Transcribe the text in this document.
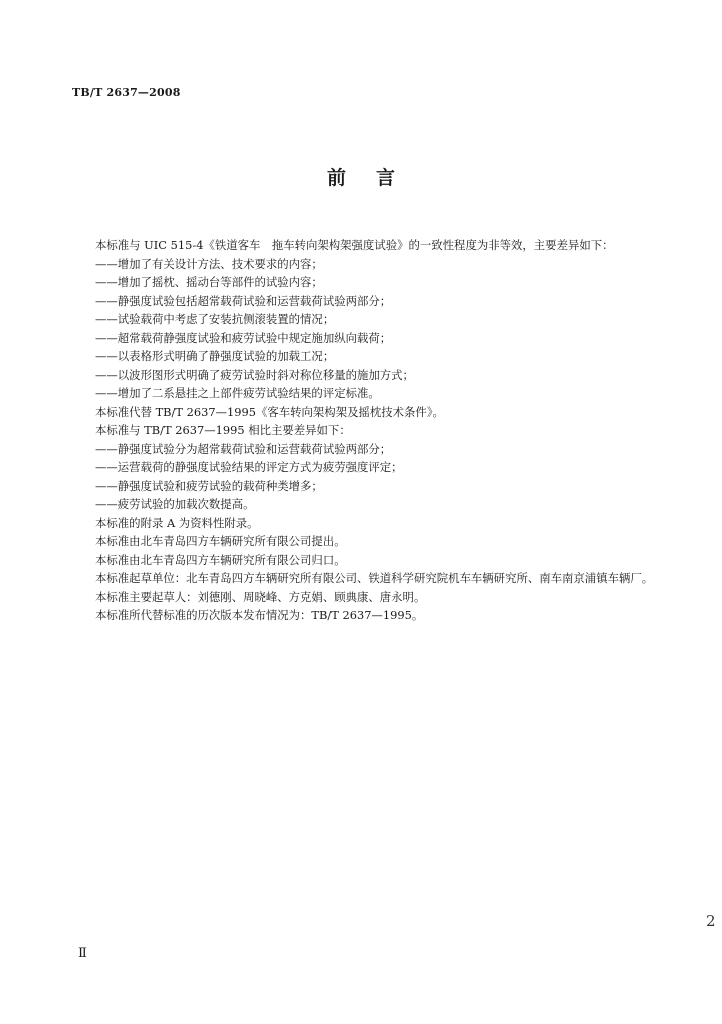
TB/T 2637—2008
前言

本标准与 UIC 515-4《铁道客车　拖车转向架构架强度试验》的一致性程度为非等效，主要差异如下：

——增加了有关设计方法、技术要求的内容；

——增加了摇枕、摇动台等部件的试验内容；

——静强度试验包括超常载荷试验和运营载荷试验两部分；

——试验载荷中考虑了安装抗侧滚装置的情况；

——超常载荷静强度试验和疲劳试验中规定施加纵向载荷；

——以表格形式明确了静强度试验的加载工况；

——以波形图形式明确了疲劳试验时斜对称位移量的施加方式；

——增加了二系悬挂之上部件疲劳试验结果的评定标准。

本标准代替 TB/T 2637—1995《客车转向架构架及摇枕技术条件》。

本标准与 TB/T 2637—1995 相比主要差异如下：

——静强度试验分为超常载荷试验和运营载荷试验两部分；

——运营载荷的静强度试验结果的评定方式为疲劳强度评定；

——静强度试验和疲劳试验的载荷种类增多；

——疲劳试验的加载次数提高。

本标准的附录 A 为资料性附录。

本标准由北车青岛四方车辆研究所有限公司提出。

本标准由北车青岛四方车辆研究所有限公司归口。

本标准起草单位：北车青岛四方车辆研究所有限公司、铁道科学研究院机车车辆研究所、南车南京浦镇车辆厂。

本标准主要起草人：刘德刚、周晓峰、方克娟、顾典康、唐永明。

本标准所代替标准的历次版本发布情况为：TB/T 2637—1995。

Ⅱ
2
